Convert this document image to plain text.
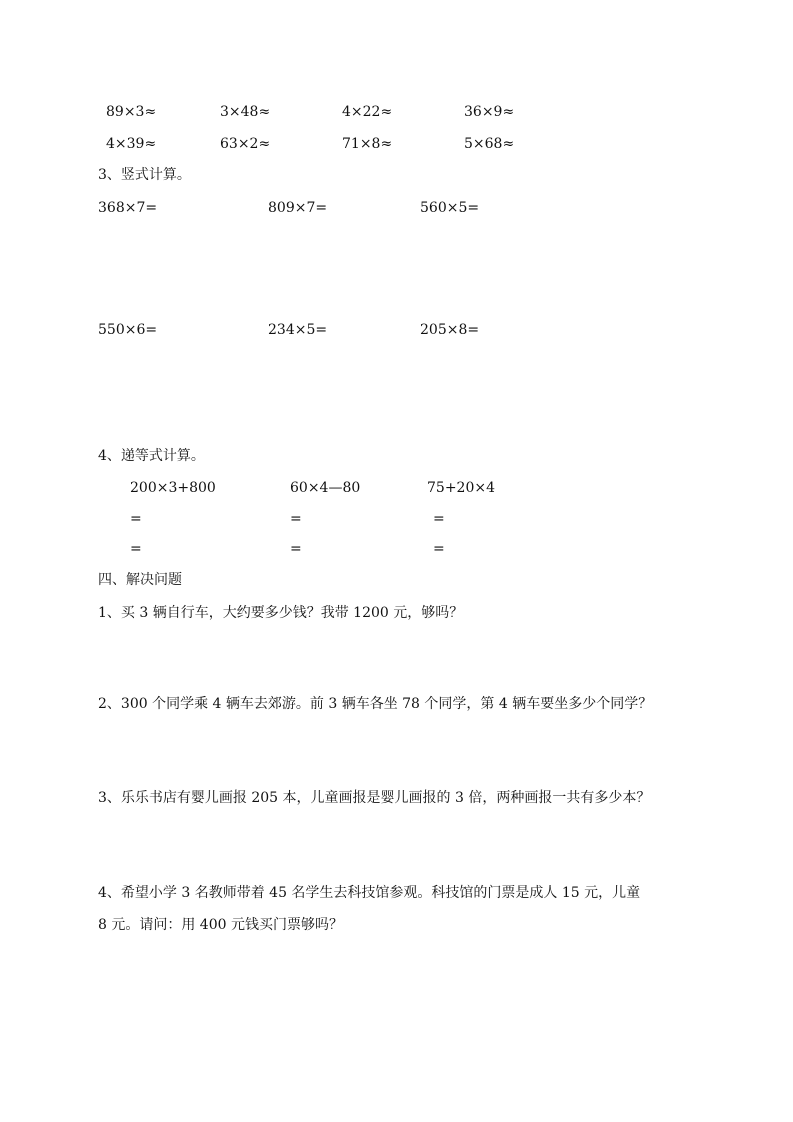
89×3≈	3×48≈	4×22≈	36×9≈
4×39≈	63×2≈	71×8≈	5×68≈
3、竖式计算。
368×7=	809×7=	560×5=
550×6=	234×5=	205×8=
4、递等式计算。
200×3+800	60×4—80	75+20×4
=	=	=
=	=	=
四、解决问题
1、买 3 辆自行车，大约要多少钱？我带 1200 元，够吗？
2、300 个同学乘 4 辆车去郊游。前 3 辆车各坐 78 个同学，第 4 辆车要坐多少个同学？
3、乐乐书店有婴儿画报 205 本，儿童画报是婴儿画报的 3 倍，两种画报一共有多少本？
4、希望小学 3 名教师带着 45 名学生去科技馆参观。科技馆的门票是成人 15 元，儿童
8 元。请问：用 400 元钱买门票够吗？
